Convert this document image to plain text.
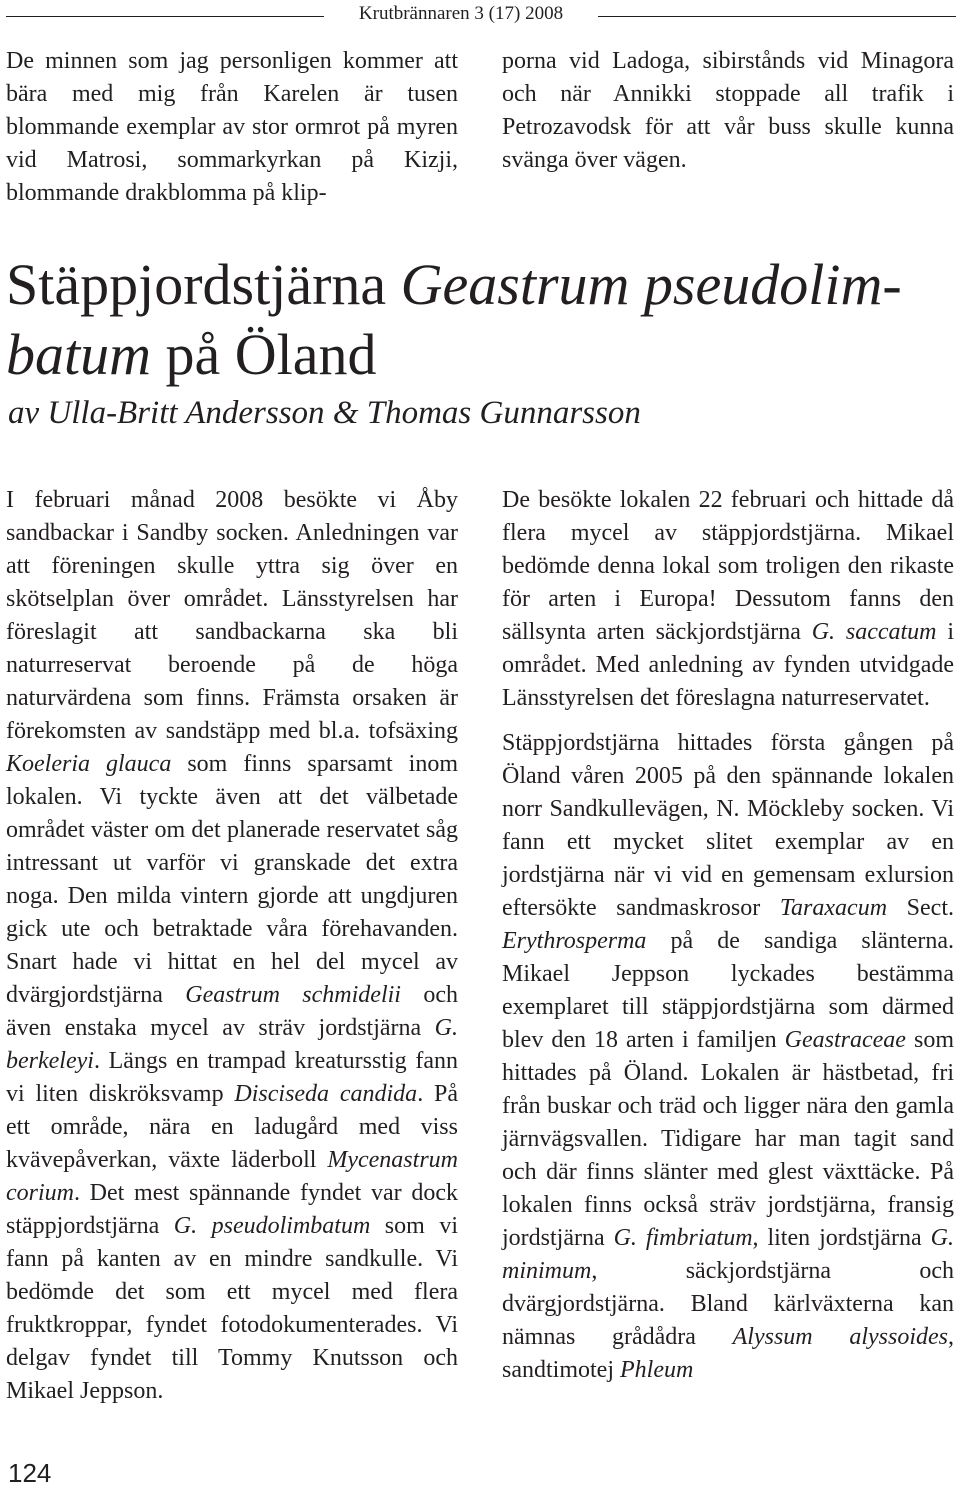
Krutbrännaren 3 (17) 2008

De minnen som jag personligen kommer att bära med mig från Karelen är tusen blommande exemplar av stor ormrot på myren vid Matrosi, sommarkyrkan på Kizji, blommande drakblomma på klip-

porna vid Ladoga, sibirstånds vid Minagora och när Annikki stoppade all trafik i Petrozavodsk för att vår buss skulle kunna svänga över vägen.

Stäppjordstjärna Geastrum pseudolim-
batum på Öland

av Ulla-Britt Andersson & Thomas Gunnarsson

I februari månad 2008 besökte vi Åby sandbackar i Sandby socken. Anledningen var att föreningen skulle yttra sig över en skötselplan över området. Länsstyrelsen har föreslagit att sandbackarna ska bli naturreservat beroende på de höga naturvärdena som finns. Främsta orsaken är förekomsten av sandstäpp med bl.a. tofsäxing Koeleria glauca som finns sparsamt inom lokalen. Vi tyckte även att det välbetade området väster om det planerade reservatet såg intressant ut varför vi granskade det extra noga. Den milda vintern gjorde att ungdjuren gick ute och betraktade våra förehavanden. Snart hade vi hittat en hel del mycel av dvärgjordstjärna Geastrum schmidelii och även enstaka mycel av sträv jordstjärna G. berkeleyi. Längs en trampad kreatursstig fann vi liten diskröksvamp Disciseda candida. På ett område, nära en ladugård med viss kvävepåverkan, växte läderboll Mycenastrum corium. Det mest spännande fyndet var dock stäppjordstjärna G. pseudolimbatum som vi fann på kanten av en mindre sandkulle. Vi bedömde det som ett mycel med flera fruktkroppar, fyndet fotodokumenterades. Vi delgav fyndet till Tommy Knutsson och Mikael Jeppson.

De besökte lokalen 22 februari och hittade då flera mycel av stäppjordstjärna. Mikael bedömde denna lokal som troligen den rikaste för arten i Europa! Dessutom fanns den sällsynta arten säckjordstjärna G. saccatum i området. Med anledning av fynden utvidgade Länsstyrelsen det föreslagna naturreservatet.

Stäppjordstjärna hittades första gången på Öland våren 2005 på den spännande lokalen norr Sandkullevägen, N. Möckleby socken. Vi fann ett mycket slitet exemplar av en jordstjärna när vi vid en gemensam exlursion eftersökte sandmaskrosor Taraxacum Sect. Erythrosperma på de sandiga slänterna. Mikael Jeppson lyckades bestämma exemplaret till stäppjordstjärna som därmed blev den 18 arten i familjen Geastraceae som hittades på Öland. Lokalen är hästbetad, fri från buskar och träd och ligger nära den gamla järnvägsvallen. Tidigare har man tagit sand och där finns slänter med glest växttäcke. På lokalen finns också sträv jordstjärna, fransig jordstjärna G. fimbriatum, liten jordstjärna G. minimum, säckjordstjärna och dvärgjordstjärna. Bland kärlväxterna kan nämnas grådådra Alyssum alyssoides, sandtimotej Phleum

124
